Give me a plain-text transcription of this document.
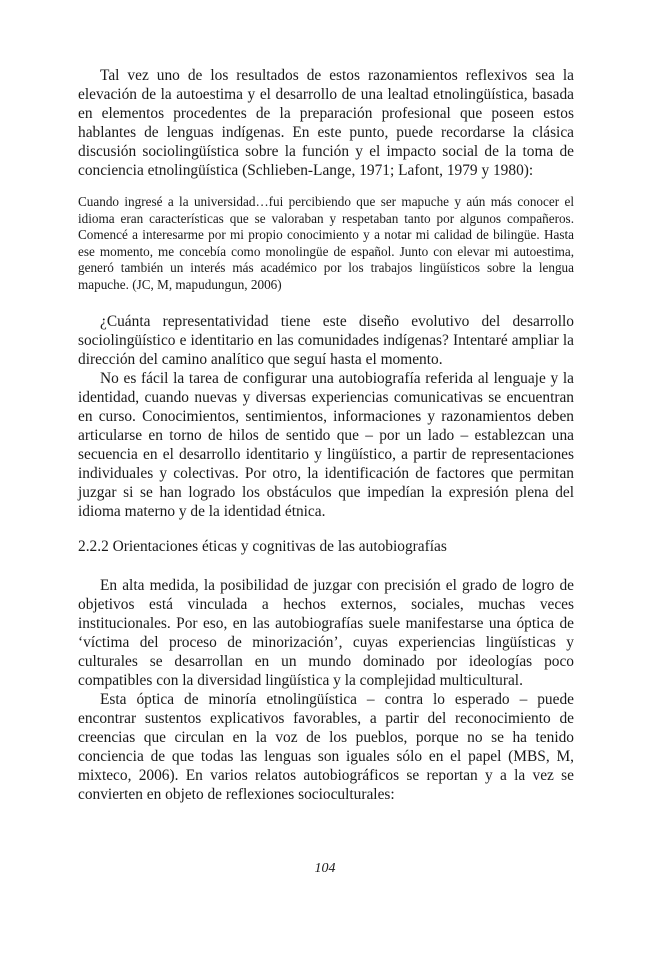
Tal vez uno de los resultados de estos razonamientos reflexivos sea la elevación de la autoestima y el desarrollo de una lealtad etnolingüística, basada en elementos procedentes de la preparación profesional que poseen estos hablantes de lenguas indígenas. En este punto, puede recordarse la clásica discusión sociolingüística sobre la función y el impacto social de la toma de conciencia etnolingüística (Schlieben-Lange, 1971; Lafont, 1979 y 1980):

Cuando ingresé a la universidad…fui percibiendo que ser mapuche y aún más conocer el idioma eran características que se valoraban y respetaban tanto por algunos compañeros. Comencé a interesarme por mi propio conocimiento y a notar mi calidad de bilingüe. Hasta ese momento, me concebía como monolingüe de español. Junto con elevar mi autoestima, generó también un interés más académico por los trabajos lingüísticos sobre la lengua mapuche. (JC, M, mapudungun, 2006)

¿Cuánta representatividad tiene este diseño evolutivo del desarrollo sociolingüístico e identitario en las comunidades indígenas? Intentaré ampliar la dirección del camino analítico que seguí hasta el momento.

No es fácil la tarea de configurar una autobiografía referida al lenguaje y la identidad, cuando nuevas y diversas experiencias comunicativas se encuentran en curso. Conocimientos, sentimientos, informaciones y razonamientos deben articularse en torno de hilos de sentido que – por un lado – establezcan una secuencia en el desarrollo identitario y lingüístico, a partir de representaciones individuales y colectivas. Por otro, la identificación de factores que permitan juzgar si se han logrado los obstáculos que impedían la expresión plena del idioma materno y de la identidad étnica.

2.2.2 Orientaciones éticas y cognitivas de las autobiografías

En alta medida, la posibilidad de juzgar con precisión el grado de logro de objetivos está vinculada a hechos externos, sociales, muchas veces institucionales. Por eso, en las autobiografías suele manifestarse una óptica de ‘víctima del proceso de minorización’, cuyas experiencias lingüísticas y culturales se desarrollan en un mundo dominado por ideologías poco compatibles con la diversidad lingüística y la complejidad multicultural.

Esta óptica de minoría etnolingüística – contra lo esperado – puede encontrar sustentos explicativos favorables, a partir del reconocimiento de creencias que circulan en la voz de los pueblos, porque no se ha tenido conciencia de que todas las lenguas son iguales sólo en el papel (MBS, M, mixteco, 2006). En varios relatos autobiográficos se reportan y a la vez se convierten en objeto de reflexiones socioculturales:

104
